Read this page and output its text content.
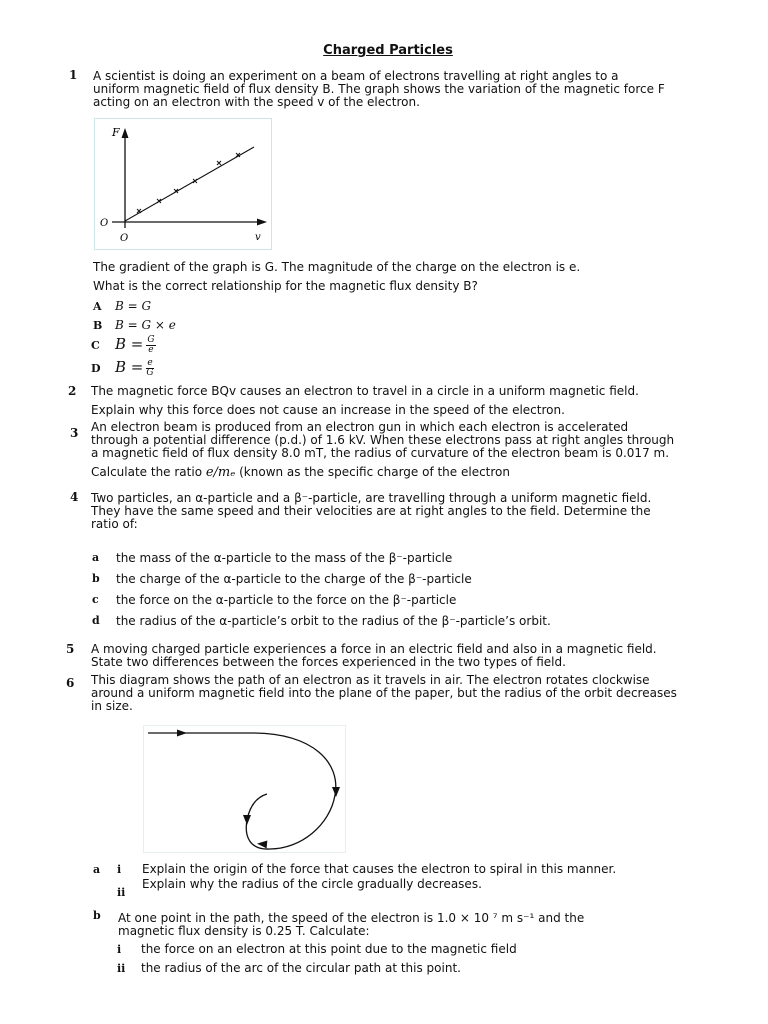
Charged Particles
1 A scientist is doing an experiment on a beam of electrons travelling at right angles to a
uniform magnetic field of flux density B. The graph shows the variation of the magnetic force F
acting on an electron with the speed v of the electron.
F
O
O	v
The gradient of the graph is G. The magnitude of the charge on the electron is e.
What is the correct relationship for the magnetic flux density B?
A B = G
B B = G × e
C $B = \frac{G}{e}$
D $B = \frac{e}{G}$
2 The magnetic force BQv causes an electron to travel in a circle in a uniform magnetic field.
Explain why this force does not cause an increase in the speed of the electron.
3 An electron beam is produced from an electron gun in which each electron is accelerated
through a potential difference (p.d.) of 1.6 kV. When these electrons pass at right angles through
a magnetic field of flux density 8.0 mT, the radius of curvature of the electron beam is 0.017 m.
Calculate the ratio e/mₑ (known as the specific charge of the electron
4 Two particles, an α-particle and a β⁻-particle, are travelling through a uniform magnetic field.
They have the same speed and their velocities are at right angles to the field. Determine the
ratio of:
a the mass of the α-particle to the mass of the β⁻-particle
b the charge of the α-particle to the charge of the β⁻-particle
c the force on the α-particle to the force on the β⁻-particle
d the radius of the α-particle’s orbit to the radius of the β⁻-particle’s orbit.
5 A moving charged particle experiences a force in an electric field and also in a magnetic field.
State two differences between the forces experienced in the two types of field.
6 This diagram shows the path of an electron as it travels in air. The electron rotates clockwise
around a uniform magnetic field into the plane of the paper, but the radius of the orbit decreases
in size.
a i Explain the origin of the force that causes the electron to spiral in this manner.
Explain why the radius of the circle gradually decreases.
ii
b At one point in the path, the speed of the electron is 1.0 × 10 ⁷ m s⁻¹ and the
magnetic flux density is 0.25 T. Calculate:
i the force on an electron at this point due to the magnetic field
ii the radius of the arc of the circular path at this point.
